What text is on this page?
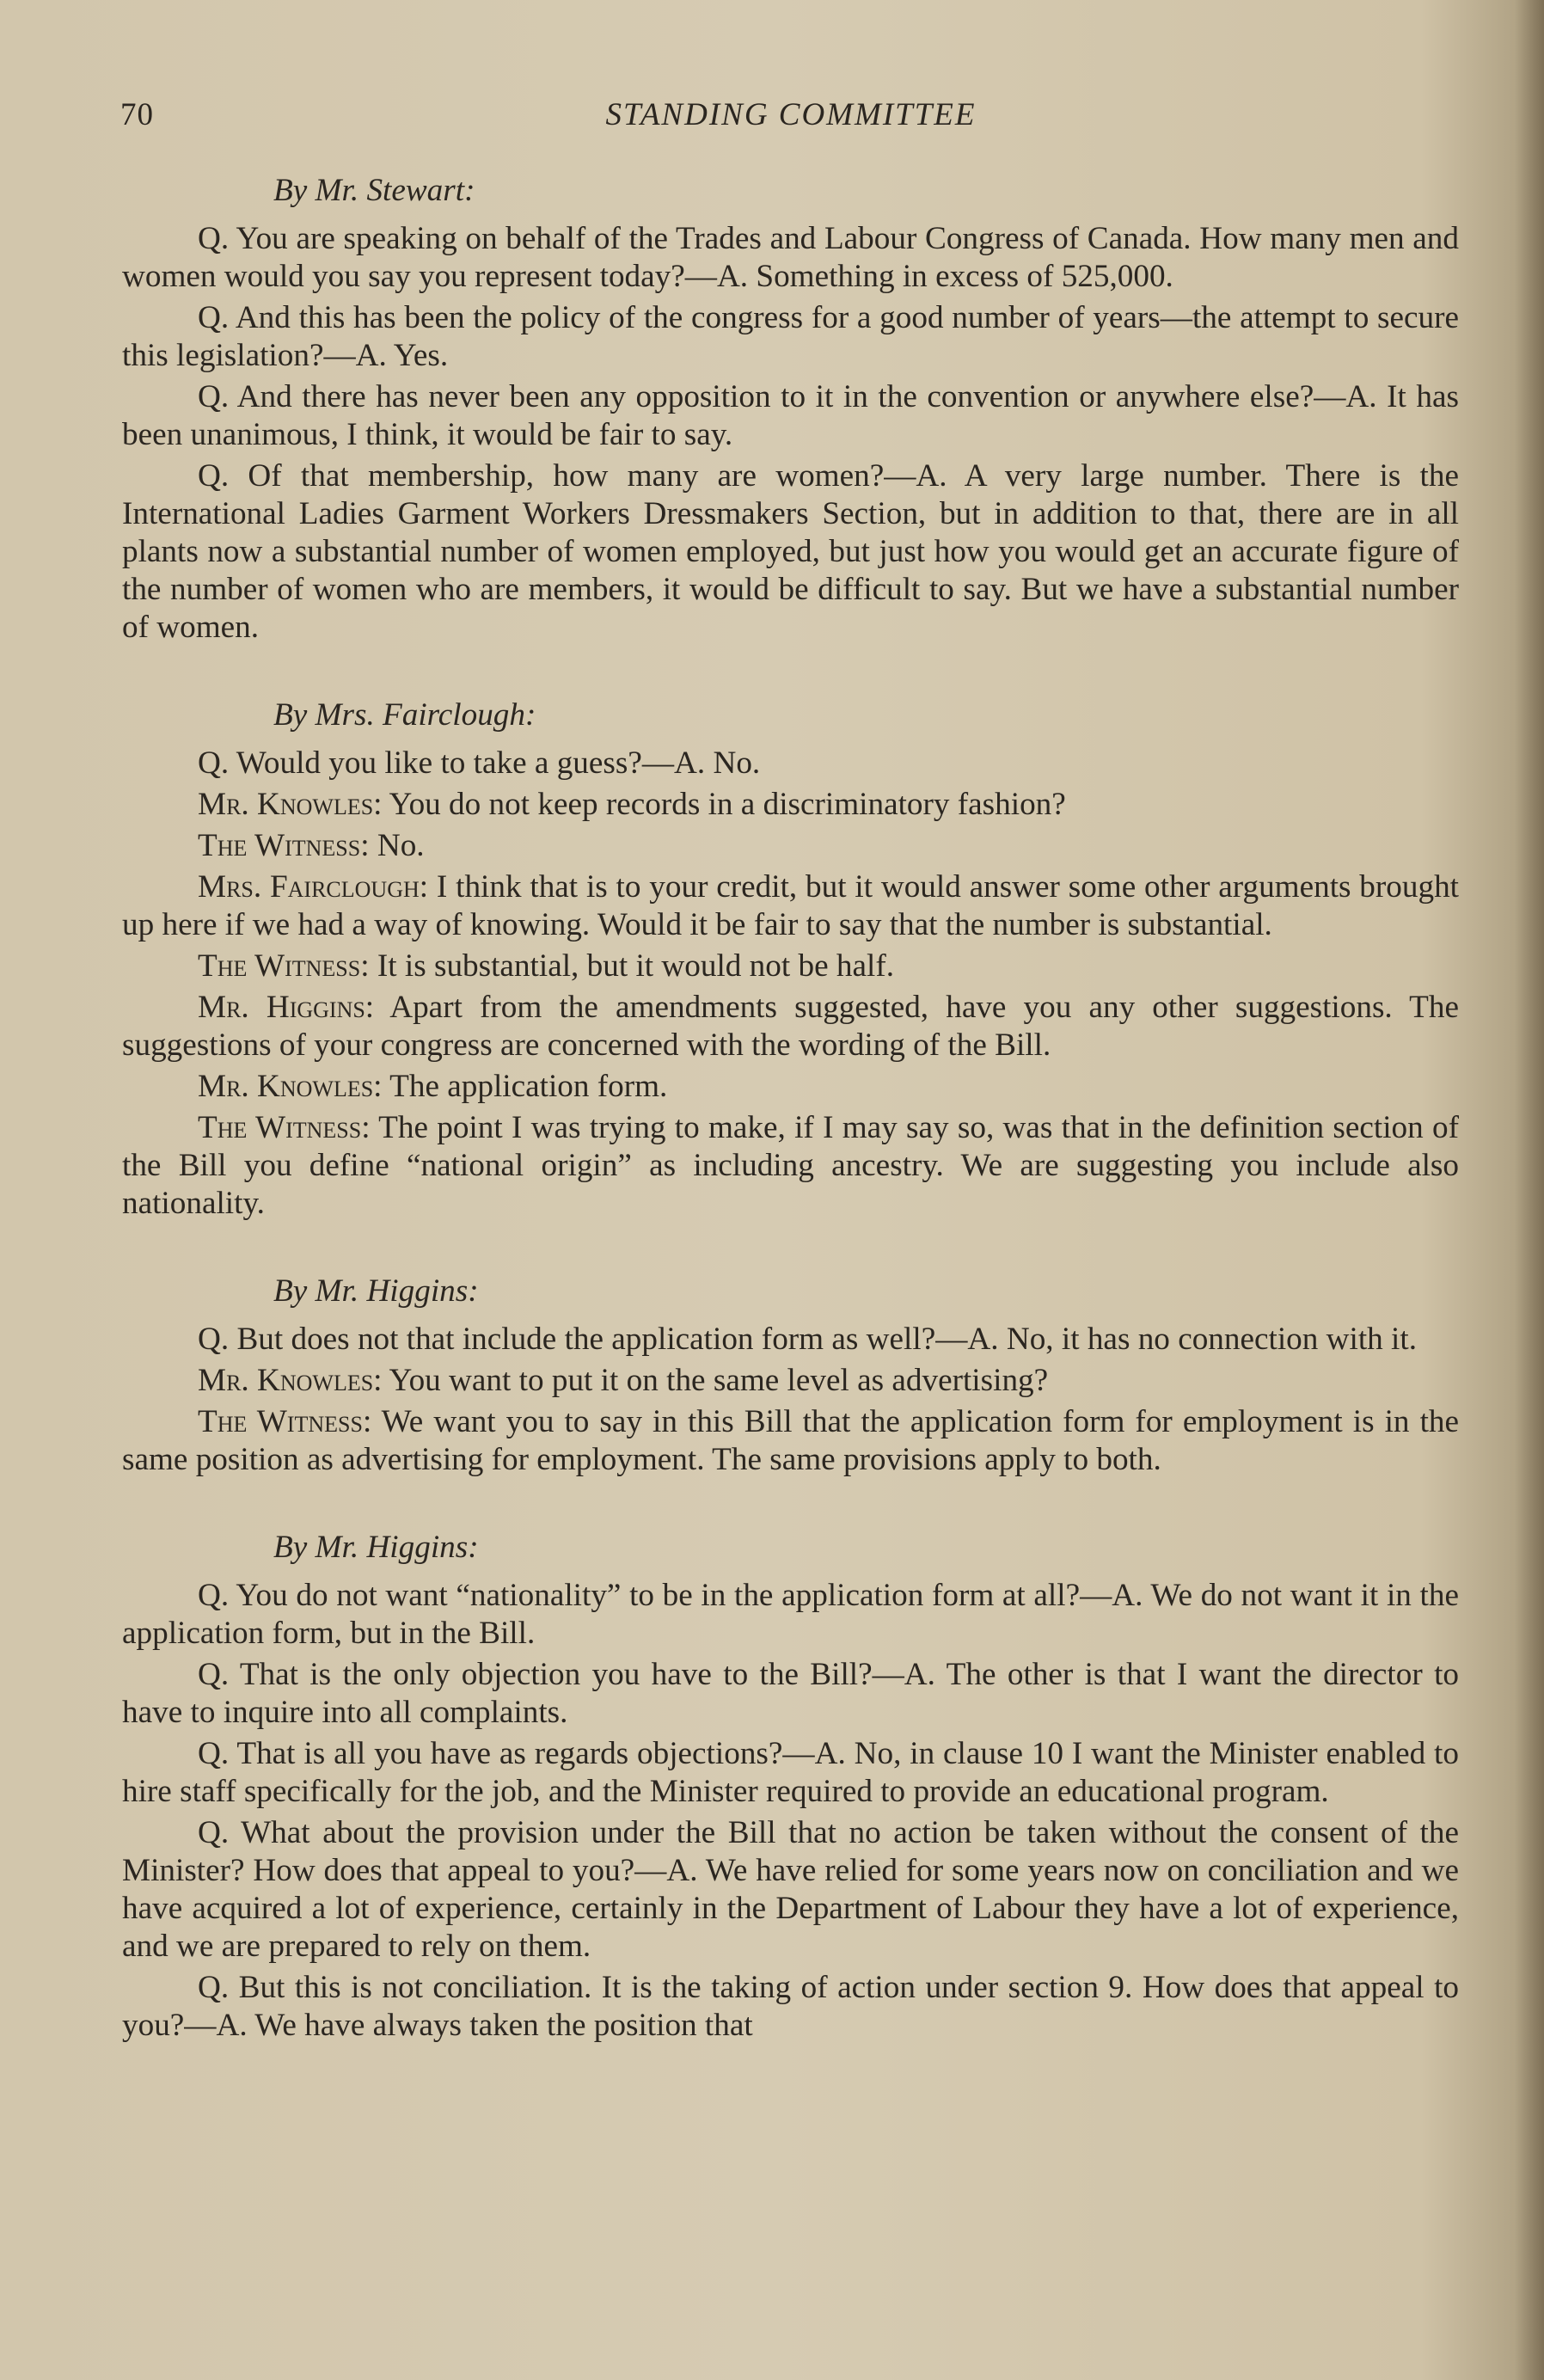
70	STANDING COMMITTEE

By Mr. Stewart:

Q. You are speaking on behalf of the Trades and Labour Congress of Canada. How many men and women would you say you represent today?—A. Something in excess of 525,000.

Q. And this has been the policy of the congress for a good number of years—the attempt to secure this legislation?—A. Yes.

Q. And there has never been any opposition to it in the convention or anywhere else?—A. It has been unanimous, I think, it would be fair to say.

Q. Of that membership, how many are women?—A. A very large number. There is the International Ladies Garment Workers Dressmakers Section, but in addition to that, there are in all plants now a substantial number of women employed, but just how you would get an accurate figure of the number of women who are members, it would be difficult to say. But we have a substantial number of women.

By Mrs. Fairclough:

Q. Would you like to take a guess?—A. No.

Mr. Knowles: You do not keep records in a discriminatory fashion?

The Witness: No.

Mrs. Fairclough: I think that is to your credit, but it would answer some other arguments brought up here if we had a way of knowing. Would it be fair to say that the number is substantial.

The Witness: It is substantial, but it would not be half.

Mr. Higgins: Apart from the amendments suggested, have you any other suggestions. The suggestions of your congress are concerned with the wording of the Bill.

Mr. Knowles: The application form.

The Witness: The point I was trying to make, if I may say so, was that in the definition section of the Bill you define “national origin” as including ancestry. We are suggesting you include also nationality.

By Mr. Higgins:

Q. But does not that include the application form as well?—A. No, it has no connection with it.

Mr. Knowles: You want to put it on the same level as advertising?

The Witness: We want you to say in this Bill that the application form for employment is in the same position as advertising for employment. The same provisions apply to both.

By Mr. Higgins:

Q. You do not want “nationality” to be in the application form at all?—A. We do not want it in the application form, but in the Bill.

Q. That is the only objection you have to the Bill?—A. The other is that I want the director to have to inquire into all complaints.

Q. That is all you have as regards objections?—A. No, in clause 10 I want the Minister enabled to hire staff specifically for the job, and the Minister required to provide an educational program.

Q. What about the provision under the Bill that no action be taken without the consent of the Minister? How does that appeal to you?—A. We have relied for some years now on conciliation and we have acquired a lot of experience, certainly in the Department of Labour they have a lot of experience, and we are prepared to rely on them.

Q. But this is not conciliation. It is the taking of action under section 9. How does that appeal to you?—A. We have always taken the position that
